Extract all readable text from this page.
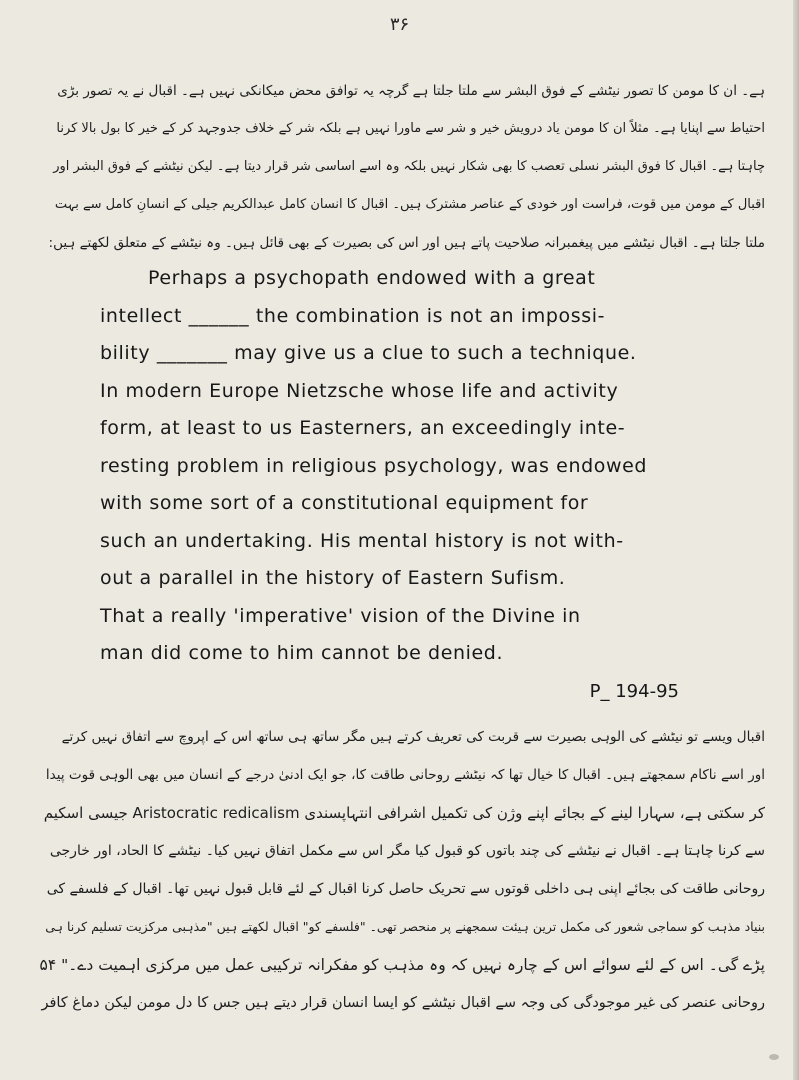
۳۶
ہے۔ ان کا مومن کا تصور نیٹشے کے فوق البشر سے ملتا جلتا ہے گرچہ یہ توافق محض میکانکی نہیں ہے۔ اقبال نے یہ تصور بڑی
احتیاط سے اپنایا ہے۔ مثلاً ان کا مومن یاد درویش خیر و شر سے ماورا نہیں ہے بلکہ شر کے خلاف جدوجہد کر کے خیر کا بول بالا کرنا
چاہتا ہے۔ اقبال کا فوق البشر نسلی تعصب کا بھی شکار نہیں بلکہ وہ اسے اساسی شر قرار دیتا ہے۔ لیکن نیٹشے کے فوق البشر اور
اقبال کے مومن میں قوت، فراست اور خودی کے عناصر مشترک ہیں۔ اقبال کا انسان کامل عبدالکریم جیلی کے انسانِ کامل سے بہت
ملتا جلتا ہے۔ اقبال نیٹشے میں پیغمبرانہ صلاحیت پاتے ہیں اور اس کی بصیرت کے بھی قائل ہیں۔ وہ نیٹشے کے متعلق لکھتے ہیں:
Perhaps a psychopath endowed with a great
intellect ______ the combination is not an impossi-
bility _______ may give us a clue to such a technique.
In modern Europe Nietzsche whose life and activity
form, at least to us Easterners, an exceedingly inte-
resting problem in religious psychology, was endowed
with some sort of a constitutional equipment for
such an undertaking. His mental history is not with-
out a parallel in the history of Eastern Sufism.
That a really 'imperative' vision of the Divine in
man did come to him cannot be denied.
P_ 194-95
اقبال ویسے تو نیٹشے کی الوہی بصیرت سے قربت کی تعریف کرتے ہیں مگر ساتھ ہی ساتھ اس کے اپروچ سے اتفاق نہیں کرتے
اور اسے ناکام سمجھتے ہیں۔ اقبال کا خیال تھا کہ نیٹشے روحانی طاقت کا، جو ایک ادنیٰ درجے کے انسان میں بھی الوہی قوت پیدا
کر سکتی ہے، سہارا لینے کے بجائے اپنے وژن کی تکمیل اشرافی انتہاپسندی Aristocratic redicalism جیسی اسکیم
سے کرنا چاہتا ہے۔ اقبال نے نیٹشے کی چند باتوں کو قبول کیا مگر اس سے مکمل اتفاق نہیں کیا۔ نیٹشے کا الحاد، اور خارجی
روحانی طاقت کی بجائے اپنی ہی داخلی قوتوں سے تحریک حاصل کرنا اقبال کے لئے قابل قبول نہیں تھا۔ اقبال کے فلسفے کی
بنیاد مذہب کو سماجی شعور کی مکمل ترین ہیئت سمجھنے پر منحصر تھی۔ "فلسفے کو" اقبال لکھتے ہیں "مذہبی مرکزیت تسلیم کرنا ہی
پڑے گی۔ اس کے لئے سوائے اس کے چارہ نہیں کہ وہ مذہب کو مفکرانہ ترکیبی عمل میں مرکزی اہمیت دے۔" ۵۴
روحانی عنصر کی غیر موجودگی کی وجہ سے اقبال نیٹشے کو ایسا انسان قرار دیتے ہیں جس کا دل مومن لیکن دماغ کافر
